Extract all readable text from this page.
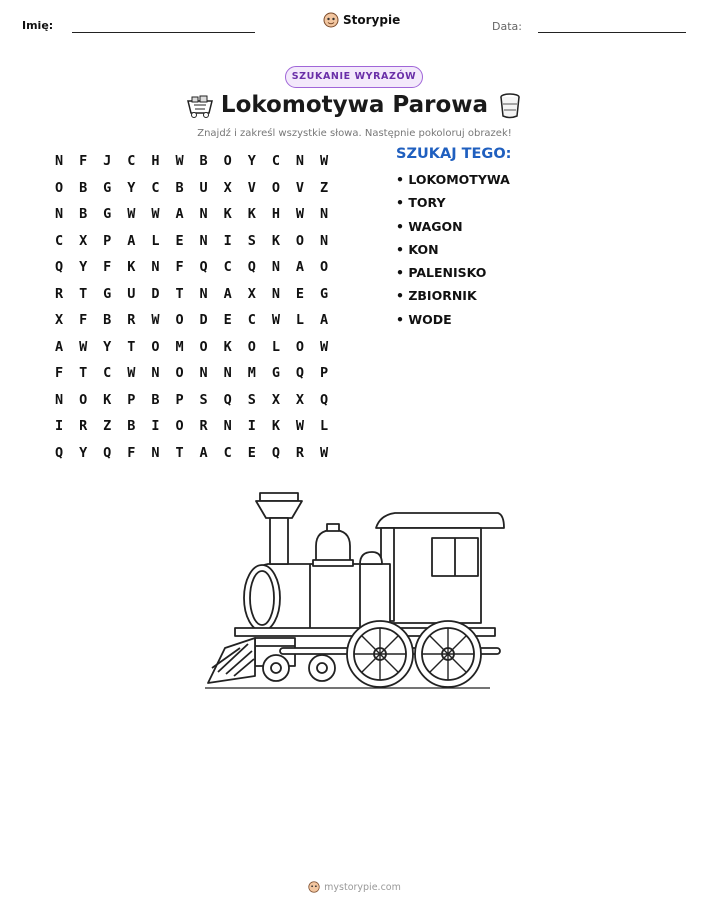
Imię:	Storypie	Data:
SZUKANIE WYRAZÓW
Lokomotywa Parowa
Znajdź i zakreśl wszystkie słowa. Następnie pokoloruj obrazek!
N	F	J	C	H	W	B	O	Y	C	N	W
O	B	G	Y	C	B	U	X	V	O	V	Z
N	B	G	W	W	A	N	K	K	H	W	N
C	X	P	A	L	E	N	I	S	K	O	N
Q	Y	F	K	N	F	Q	C	Q	N	A	O
R	T	G	U	D	T	N	A	X	N	E	G
X	F	B	R	W	O	D	E	C	W	L	A
A	W	Y	T	O	M	O	K	O	L	O	W
F	T	C	W	N	O	N	N	M	G	Q	P
N	O	K	P	B	P	S	Q	S	X	X	Q
I	R	Z	B	I	O	R	N	I	K	W	L
Q	Y	Q	F	N	T	A	C	E	Q	R	W
SZUKAJ TEGO:
• LOKOMOTYWA
• TORY
• WAGON
• KON
• PALENISKO
• ZBIORNIK
• WODE
mystorypie.com
